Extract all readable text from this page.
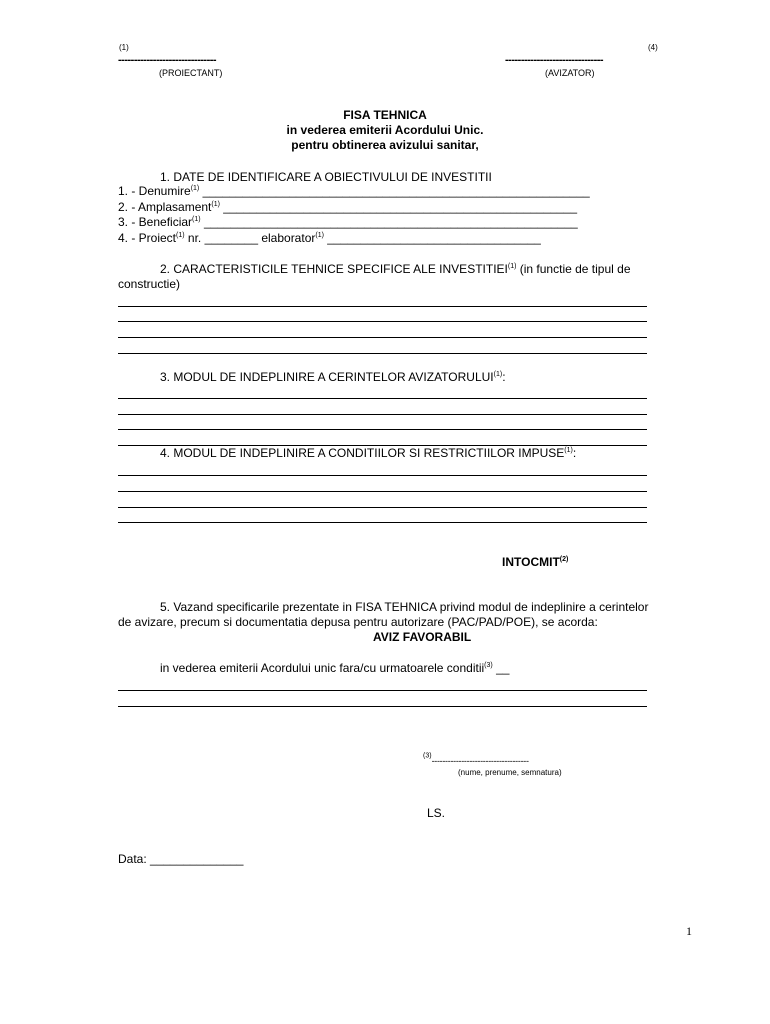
(1)	(4)
-------------------------------	-------------------------------
(PROIECTANT)	(AVIZATOR)
FISA TEHNICA
in vederea emiterii Acordului Unic.
pentru obtinerea avizului sanitar,
1. DATE DE IDENTIFICARE A OBIECTIVULUI DE INVESTITII
1. - Denumire$^{(1)}$ __________________________________________________________
2. - Amplasament$^{(1)}$ _____________________________________________________
3. - Beneficiar$^{(1)}$ ________________________________________________________
4. - Proiect$^{(1)}$ nr. ________ elaborator$^{(1)}$ ________________________________
2. CARACTERISTICILE TEHNICE SPECIFICE ALE INVESTITIEI$^{(1)}$ (in functie de tipul de
constructie)
3. MODUL DE INDEPLINIRE A CERINTELOR AVIZATORULUI$^{(1)}$:
4. MODUL DE INDEPLINIRE A CONDITIILOR SI RESTRICTIILOR IMPUSE$^{(1)}$:
INTOCMIT$^{(2)}$
5. Vazand specificarile prezentate in FISA TEHNICA privind modul de indeplinire a cerintelor
de avizare, precum si documentatia depusa pentru autorizare (PAC/PAD/POE), se acorda:
AVIZ FAVORABIL
in vederea emiterii Acordului unic fara/cu urmatoarele conditii$^{(3)}$ __
$^{(3)}$------------------------------------
(nume, prenume, semnatura)
LS.
Data: ______________
1
